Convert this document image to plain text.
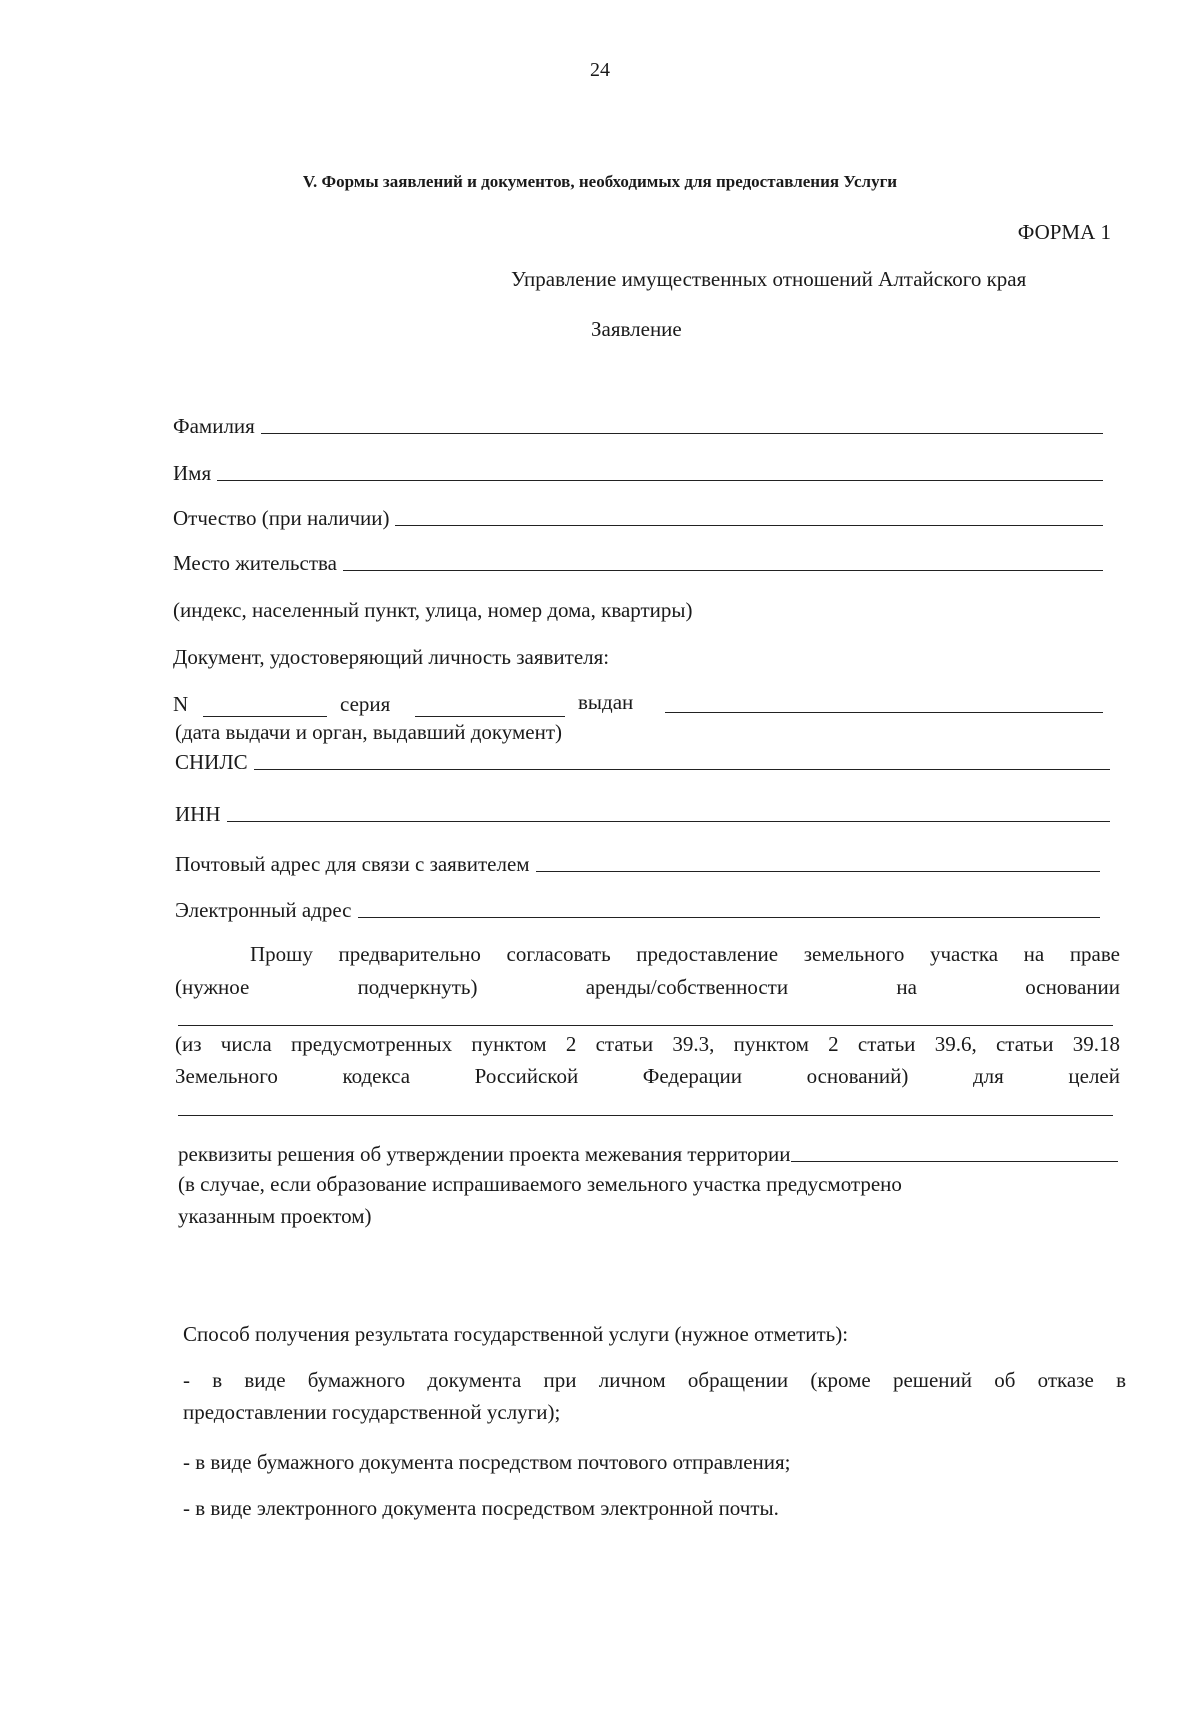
24
V. Формы заявлений и документов, необходимых для предоставления Услуги
ФОРМА 1
Управление имущественных отношений Алтайского края
Заявление
Фамилия
Имя
Отчество (при наличии)
Место жительства
(индекс, населенный пункт, улица, номер дома, квартиры)
Документ, удостоверяющий личность заявителя:
N	серия	выдан
(дата выдачи и орган, выдавший документ)
СНИЛС
ИНН
Почтовый адрес для связи с заявителем
Электронный адрес
Прошу предварительно согласовать предоставление земельного участка на праве
(нужное подчеркнуть) аренды/собственности на основании
(из числа предусмотренных пунктом 2 статьи 39.3, пунктом 2 статьи 39.6, статьи 39.18
Земельного кодекса Российской Федерации оснований) для целей
реквизиты решения об утверждении проекта межевания территории
(в случае, если образование испрашиваемого земельного участка предусмотрено
указанным проектом)
Способ получения результата государственной услуги (нужное отметить):
- в виде бумажного документа при личном обращении (кроме решений об отказе в
предоставлении государственной услуги);
- в виде бумажного документа посредством почтового отправления;
- в виде электронного документа посредством электронной почты.
